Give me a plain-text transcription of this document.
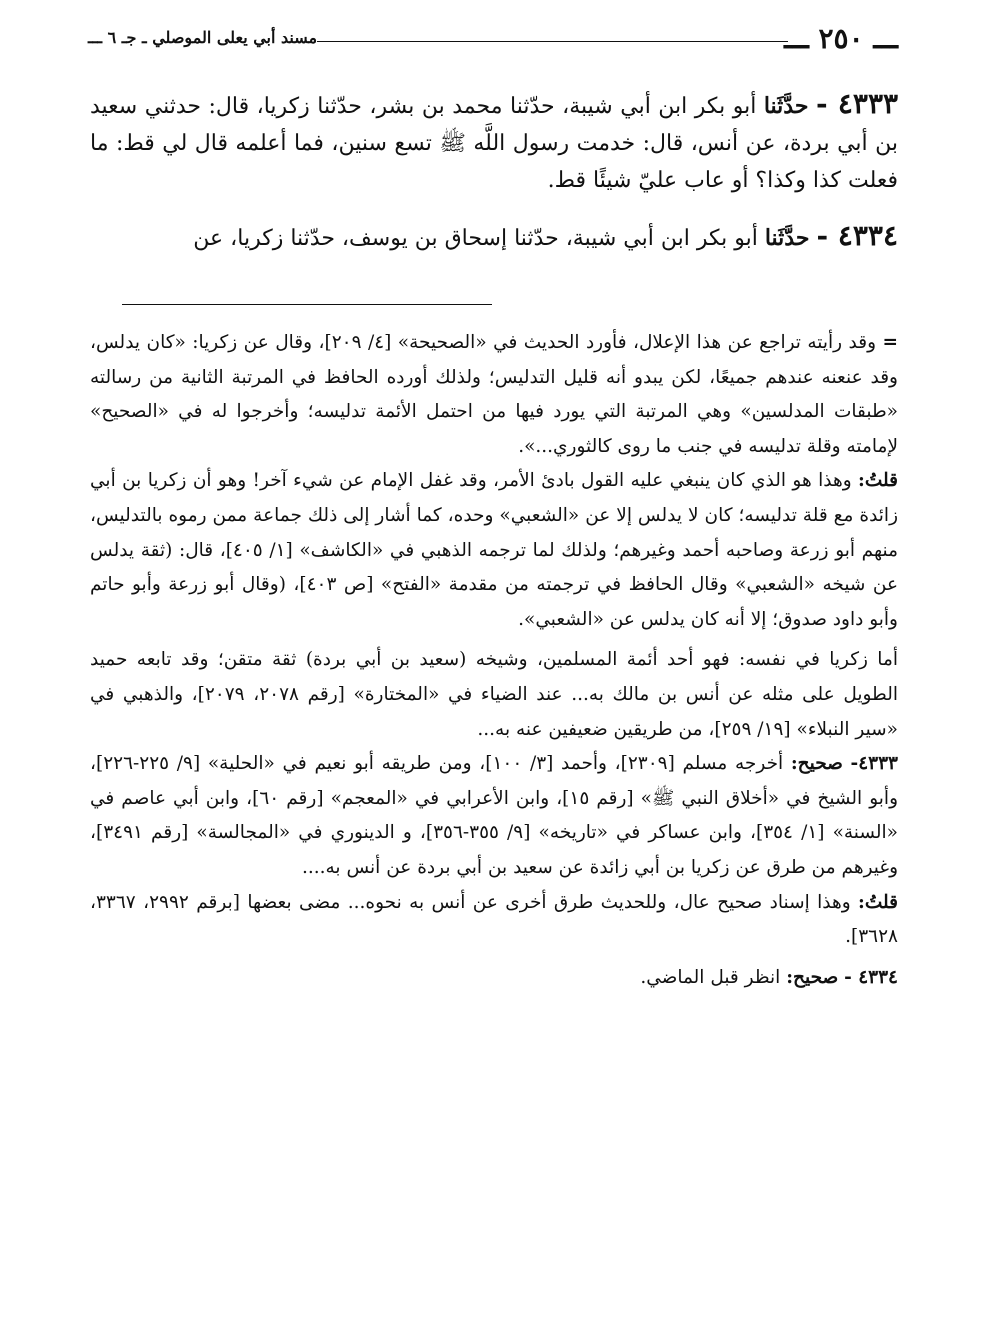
ـــ ٢٥٠ ـــ
مسند أبي يعلى الموصلي ـ جـ ٦ ـــ

٤٣٣٣ - حدَّثَنا أبو بكر ابن أبي شيبة، حدّثنا محمد بن بشر، حدّثنا زكريا، قال: حدثني سعيد بن أبي بردة، عن أنس، قال: خدمت رسول اللَّه ﷺ تسع سنين، فما أعلمه قال لي قط: ما فعلت كذا وكذا؟ أو عاب عليّ شيئًا قط.

٤٣٣٤ - حدَّثَنا أبو بكر ابن أبي شيبة، حدّثنا إسحاق بن يوسف، حدّثنا زكريا، عن

= وقد رأيته تراجع عن هذا الإعلال، فأورد الحديث في «الصحيحة» [٤/ ٢٠٩]، وقال عن زكريا: «كان يدلس، وقد عنعنه عندهم جميعًا، لكن يبدو أنه قليل التدليس؛ ولذلك أورده الحافظ في المرتبة الثانية من رسالته «طبقات المدلسين» وهي المرتبة التي يورد فيها من احتمل الأئمة تدليسه؛ وأخرجوا له في «الصحيح» لإمامته وقلة تدليسه في جنب ما روى كالثوري...».

قلتُ: وهذا هو الذي كان ينبغي عليه القول بادئ الأمر، وقد غفل الإمام عن شيء آخر! وهو أن زكريا بن أبي زائدة مع قلة تدليسه؛ كان لا يدلس إلا عن «الشعبي» وحده، كما أشار إلى ذلك جماعة ممن رموه بالتدليس، منهم أبو زرعة وصاحبه أحمد وغيرهم؛ ولذلك لما ترجمه الذهبي في «الكاشف» [١/ ٤٠٥]، قال: (ثقة يدلس عن شيخه «الشعبي» وقال الحافظ في ترجمته من مقدمة «الفتح» [ص ٤٠٣]، (وقال أبو زرعة وأبو حاتم وأبو داود صدوق؛ إلا أنه كان يدلس عن «الشعبي».

أما زكريا في نفسه: فهو أحد أئمة المسلمين، وشيخه (سعيد بن أبي بردة) ثقة متقن؛ وقد تابعه حميد الطويل على مثله عن أنس بن مالك به... عند الضياء في «المختارة» [رقم ٢٠٧٨، ٢٠٧٩]، والذهبي في «سير النبلاء» [١٩/ ٢٥٩]، من طريقين ضعيفين عنه به...

٤٣٣٣- صحيح: أخرجه مسلم [٢٣٠٩]، وأحمد [٣/ ١٠٠]، ومن طريقه أبو نعيم في «الحلية» [٩/ ٢٢٥-٢٢٦]، وأبو الشيخ في «أخلاق النبي ﷺ» [رقم ١٥]، وابن الأعرابي في «المعجم» [رقم ٦٠]، وابن أبي عاصم في «السنة» [١/ ٣٥٤]، وابن عساكر في «تاريخه» [٩/ ٣٥٥-٣٥٦]، و الدينوري في «المجالسة» [رقم ٣٤٩١]، وغيرهم من طرق عن زكريا بن أبي زائدة عن سعيد بن أبي بردة عن أنس به....

قلتُ: وهذا إسناد صحيح عال، وللحديث طرق أخرى عن أنس به نحوه... مضى بعضها [برقم ٢٩٩٢، ٣٣٦٧، ٣٦٢٨].

٤٣٣٤ - صحيح: انظر قبل الماضي.
